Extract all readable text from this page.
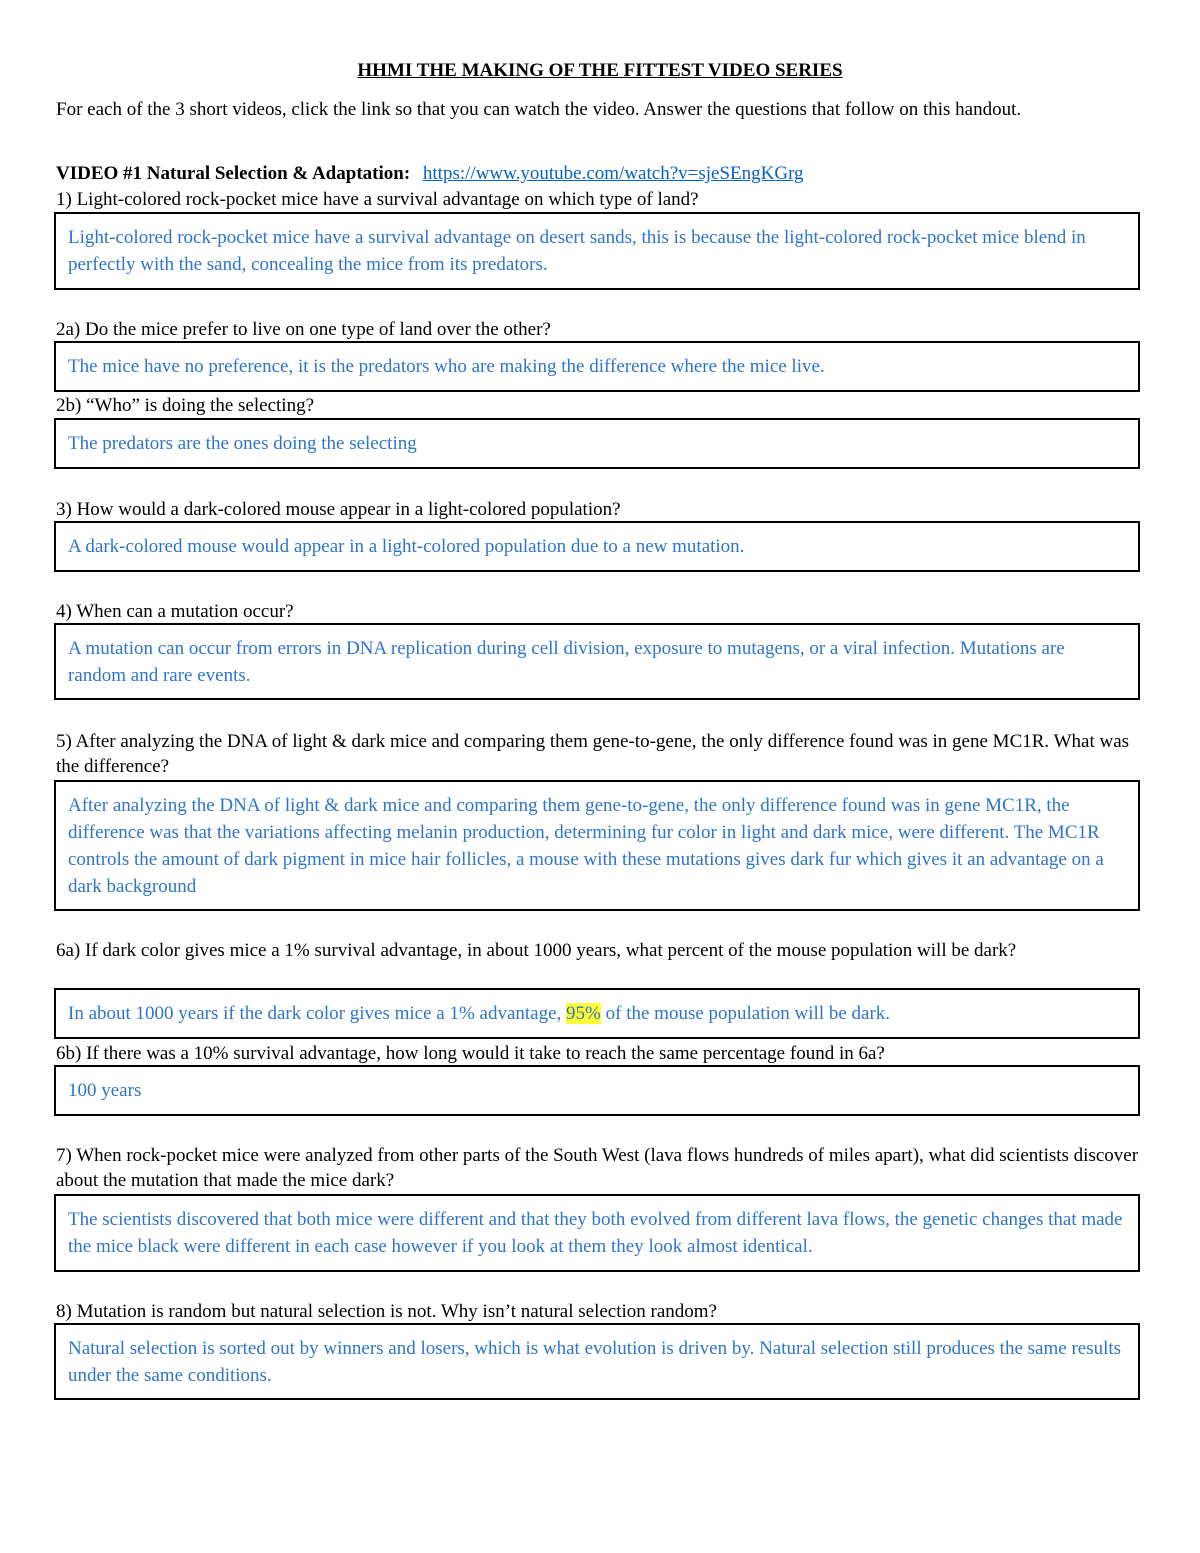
HHMI THE MAKING OF THE FITTEST VIDEO SERIES
For each of the 3 short videos, click the link so that you can watch the video. Answer the questions that follow on this handout.
VIDEO #1 Natural Selection & Adaptation: https://www.youtube.com/watch?v=sjeSEngKGrg
1) Light-colored rock-pocket mice have a survival advantage on which type of land?
Light-colored rock-pocket mice have a survival advantage on desert sands, this is because the light-colored rock-pocket mice blend in perfectly with the sand, concealing the mice from its predators.
2a) Do the mice prefer to live on one type of land over the other?
The mice have no preference, it is the predators who are making the difference where the mice live.
2b) “Who” is doing the selecting?
The predators are the ones doing the selecting
3) How would a dark-colored mouse appear in a light-colored population?
A dark-colored mouse would appear in a light-colored population due to a new mutation.
4) When can a mutation occur?
A mutation can occur from errors in DNA replication during cell division, exposure to mutagens, or a viral infection. Mutations are random and rare events.
5) After analyzing the DNA of light & dark mice and comparing them gene-to-gene, the only difference found was in gene MC1R. What was the difference?
After analyzing the DNA of light & dark mice and comparing them gene-to-gene, the only difference found was in gene MC1R, the difference was that the variations affecting melanin production, determining fur color in light and dark mice, were different. The MC1R controls the amount of dark pigment in mice hair follicles, a mouse with these mutations gives dark fur which gives it an advantage on a dark background
6a) If dark color gives mice a 1% survival advantage, in about 1000 years, what percent of the mouse population will be dark?
In about 1000 years if the dark color gives mice a 1% advantage, 95% of the mouse population will be dark.
6b) If there was a 10% survival advantage, how long would it take to reach the same percentage found in 6a?
100 years
7) When rock-pocket mice were analyzed from other parts of the South West (lava flows hundreds of miles apart), what did scientists discover about the mutation that made the mice dark?
The scientists discovered that both mice were different and that they both evolved from different lava flows, the genetic changes that made the mice black were different in each case however if you look at them they look almost identical.
8) Mutation is random but natural selection is not. Why isn’t natural selection random?
Natural selection is sorted out by winners and losers, which is what evolution is driven by. Natural selection still produces the same results under the same conditions.
